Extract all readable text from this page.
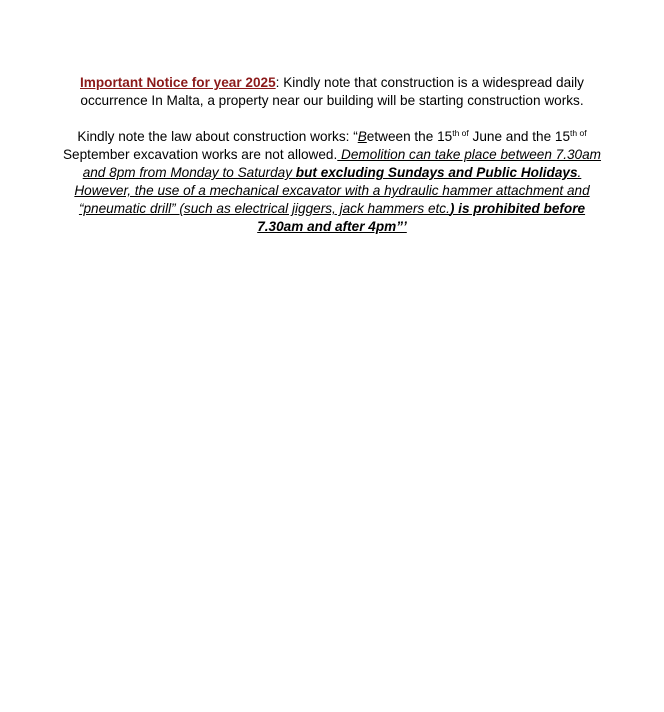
Important Notice for year 2025: Kindly note that construction is a widespread daily occurrence In Malta, a property near our building will be starting construction works.

Kindly note the law about construction works: “Between the $15^{th of}$ June and the $15^{th of}$ September excavation works are not allowed. Demolition can take place between 7.30am and 8pm from Monday to Saturday but excluding Sundays and Public Holidays. However, the use of a mechanical excavator with a hydraulic hammer attachment and “pneumatic drill” (such as electrical jiggers, jack hammers etc.) is prohibited before 7.30am and after 4pm”’
